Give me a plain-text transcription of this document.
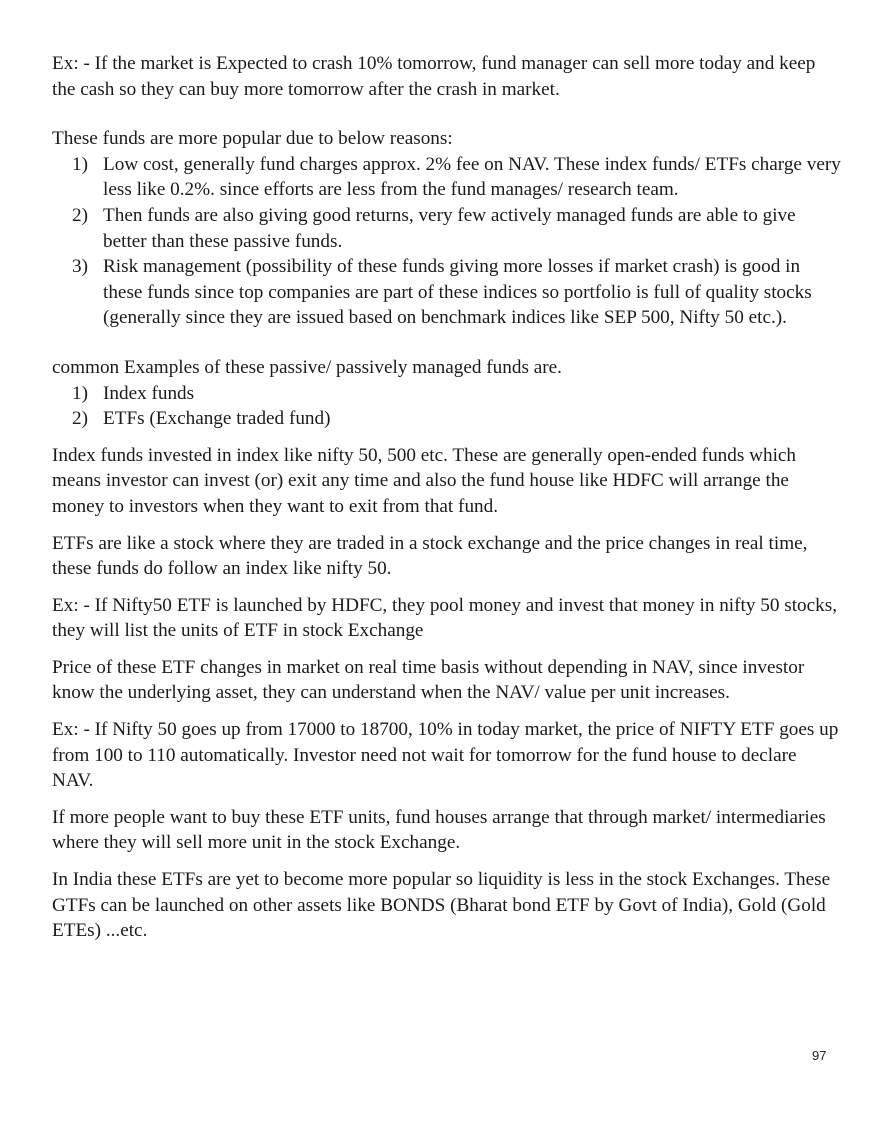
Ex: - If the market is Expected to crash 10% tomorrow, fund manager can sell more today and keep the cash so they can buy more tomorrow after the crash in market.

These funds are more popular due to below reasons:

1) Low cost, generally fund charges approx. 2% fee on NAV. These index funds/ ETFs charge very less like 0.2%. since efforts are less from the fund manages/ research team.
2) Then funds are also giving good returns, very few actively managed funds are able to give better than these passive funds.
3) Risk management (possibility of these funds giving more losses if market crash) is good in these funds since top companies are part of these indices so portfolio is full of quality stocks (generally since they are issued based on benchmark indices like SEP 500, Nifty 50 etc.).

common Examples of these passive/ passively managed funds are.

1) Index funds
2) ETFs (Exchange traded fund)

Index funds invested in index like nifty 50, 500 etc. These are generally open-ended funds which means investor can invest (or) exit any time and also the fund house like HDFC will arrange the money to investors when they want to exit from that fund.

ETFs are like a stock where they are traded in a stock exchange and the price changes in real time, these funds do follow an index like nifty 50.

Ex: - If Nifty50 ETF is launched by HDFC, they pool money and invest that money in nifty 50 stocks, they will list the units of ETF in stock Exchange

Price of these ETF changes in market on real time basis without depending in NAV, since investor know the underlying asset, they can understand when the NAV/ value per unit increases.

Ex: - If Nifty 50 goes up from 17000 to 18700, 10% in today market, the price of NIFTY ETF goes up from 100 to 110 automatically. Investor need not wait for tomorrow for the fund house to declare NAV.

If more people want to buy these ETF units, fund houses arrange that through market/ intermediaries where they will sell more unit in the stock Exchange.

In India these ETFs are yet to become more popular so liquidity is less in the stock Exchanges. These GTFs can be launched on other assets like BONDS (Bharat bond ETF by Govt of India), Gold (Gold ETEs) ...etc.

97
